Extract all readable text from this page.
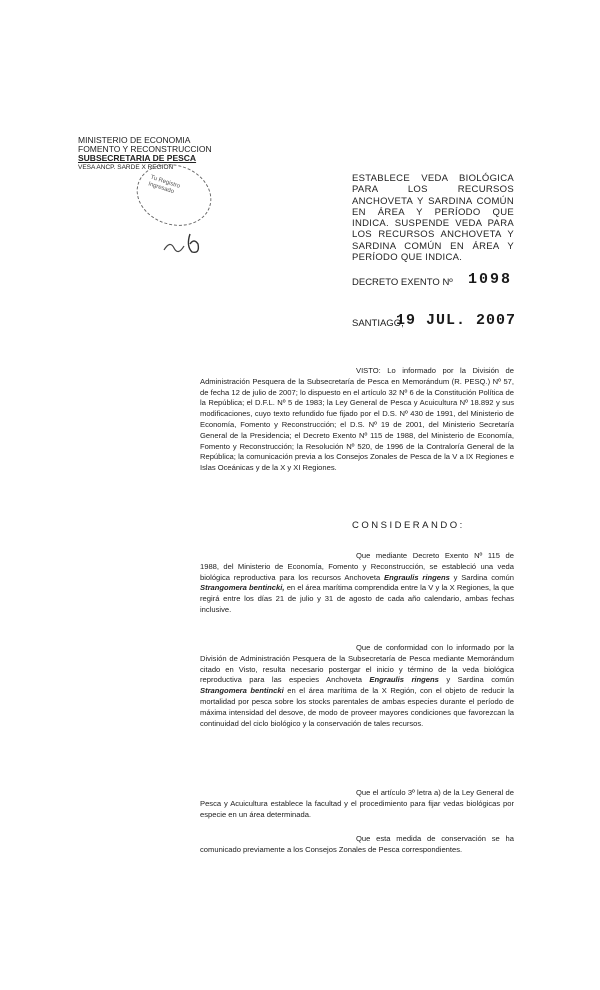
MINISTERIO DE ECONOMIA
FOMENTO Y RECONSTRUCCION
SUBSECRETARIA DE PESCA
VESA ANCP. SARDE X REGION
Tu Registro Ingresado
ESTABLECE VEDA BIOLÓGICA PARA LOS RECURSOS ANCHOVETA Y SARDINA COMÚN EN ÁREA Y PERÍODO QUE INDICA. SUSPENDE VEDA PARA LOS RECURSOS ANCHOVETA Y SARDINA COMÚN EN ÁREA Y PERÍODO QUE INDICA.
DECRETO EXENTO Nº 1098
SANTIAGO,
19 JUL. 2007
VISTO: Lo informado por la División de Administración Pesquera de la Subsecretaría de Pesca en Memorándum (R. PESQ.) Nº 57, de fecha 12 de julio de 2007; lo dispuesto en el artículo 32 Nº 6 de la Constitución Política de la República; el D.F.L. Nº 5 de 1983; la Ley General de Pesca y Acuicultura Nº 18.892 y sus modificaciones, cuyo texto refundido fue fijado por el D.S. Nº 430 de 1991, del Ministerio de Economía, Fomento y Reconstrucción; el D.S. Nº 19 de 2001, del Ministerio Secretaría General de la Presidencia; el Decreto Exento Nº 115 de 1988, del Ministerio de Economía, Fomento y Reconstrucción; la Resolución Nº 520, de 1996 de la Contraloría General de la República; la comunicación previa a los Consejos Zonales de Pesca de la V a IX Regiones e Islas Oceánicas y de la X y XI Regiones.
CONSIDERANDO:
Que mediante Decreto Exento Nº 115 de 1988, del Ministerio de Economía, Fomento y Reconstrucción, se estableció una veda biológica reproductiva para los recursos Anchoveta Engraulis ringens y Sardina común Strangomera bentincki, en el área marítima comprendida entre la V y la X Regiones, la que regirá entre los días 21 de julio y 31 de agosto de cada año calendario, ambas fechas inclusive.
Que de conformidad con lo informado por la División de Administración Pesquera de la Subsecretaría de Pesca mediante Memorándum citado en Visto, resulta necesario postergar el inicio y término de la veda biológica reproductiva para las especies Anchoveta Engraulis ringens y Sardina común Strangomera bentincki en el área marítima de la X Región, con el objeto de reducir la mortalidad por pesca sobre los stocks parentales de ambas especies durante el período de máxima intensidad del desove, de modo de proveer mayores condiciones que favorezcan la continuidad del ciclo biológico y la conservación de tales recursos.
Que el artículo 3º letra a) de la Ley General de Pesca y Acuicultura establece la facultad y el procedimiento para fijar vedas biológicas por especie en un área determinada.
Que esta medida de conservación se ha comunicado previamente a los Consejos Zonales de Pesca correspondientes.
